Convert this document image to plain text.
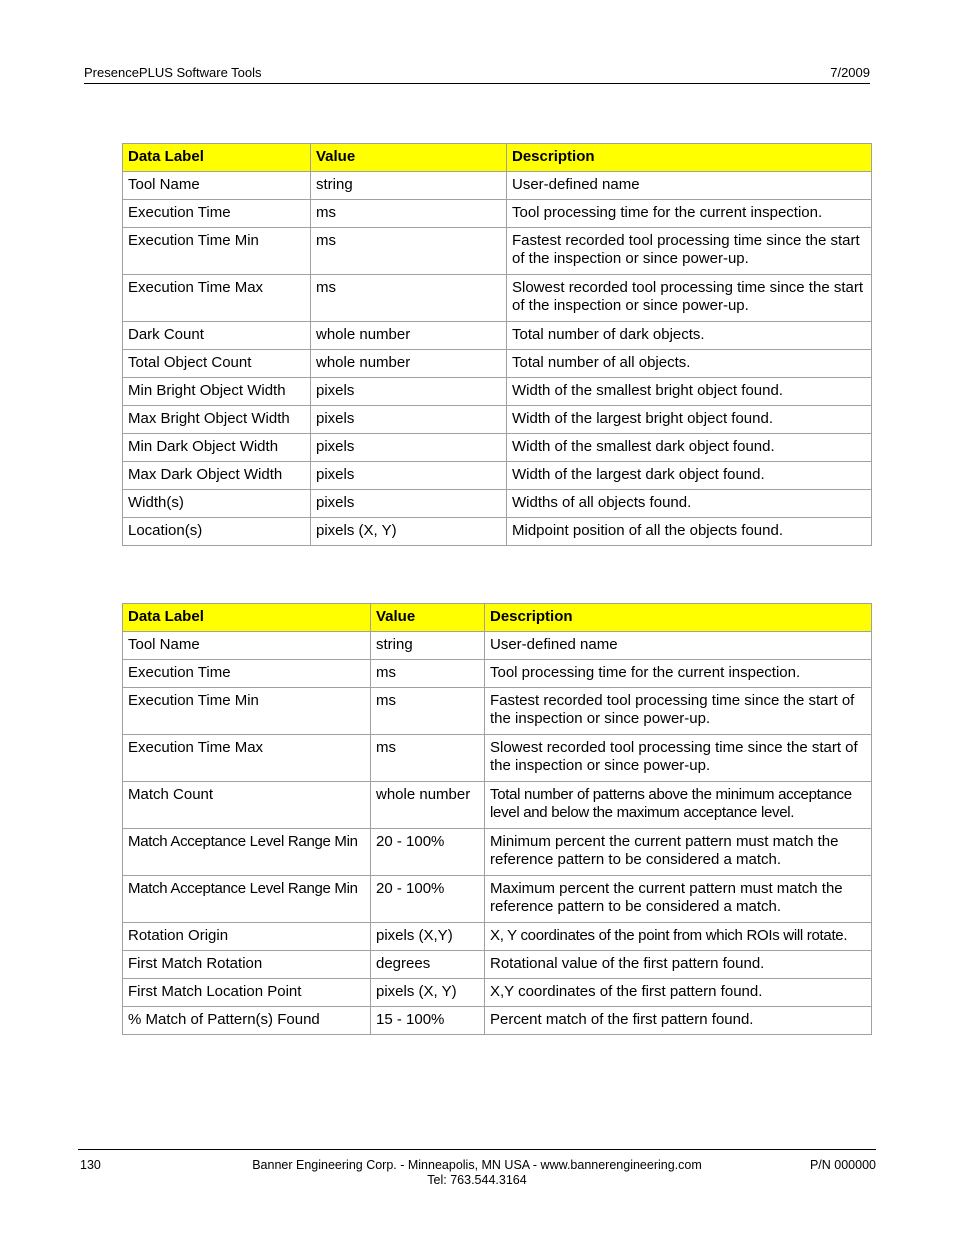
PresencePLUS Software Tools	7/2009
Data Label	Value	Description
Tool Name	string	User-defined name
Execution Time	ms	Tool processing time for the current inspection.
Execution Time Min	ms	Fastest recorded tool processing time since the start of the inspection or since power-up.
Execution Time Max	ms	Slowest recorded tool processing time since the start of the inspection or since power-up.
Dark Count	whole number	Total number of dark objects.
Total Object Count	whole number	Total number of all objects.
Min Bright Object Width	pixels	Width of the smallest bright object found.
Max Bright Object Width	pixels	Width of the largest bright object found.
Min Dark Object Width	pixels	Width of the smallest dark object found.
Max Dark Object Width	pixels	Width of the largest dark object found.
Width(s)	pixels	Widths of all objects found.
Location(s)	pixels (X, Y)	Midpoint position of all the objects found.
Data Label	Value	Description
Tool Name	string	User-defined name
Execution Time	ms	Tool processing time for the current inspection.
Execution Time Min	ms	Fastest recorded tool processing time since the start of the inspection or since power-up.
Execution Time Max	ms	Slowest recorded tool processing time since the start of the inspection or since power-up.
Match Count	whole number	Total number of patterns above the minimum acceptance level and below the maximum acceptance level.
Match Acceptance Level Range Min	20 - 100%	Minimum percent the current pattern must match the reference pattern to be considered a match.
Match Acceptance Level Range Min	20 - 100%	Maximum percent the current pattern must match the reference pattern to be considered a match.
Rotation Origin	pixels (X,Y)	X, Y coordinates of the point from which ROIs will rotate.
First Match Rotation	degrees	Rotational value of the first pattern found.
First Match Location Point	pixels (X, Y)	X,Y coordinates of the first pattern found.
% Match of Pattern(s) Found	15 - 100%	Percent match of the first pattern found.
130	Banner Engineering Corp. - Minneapolis, MN USA - www.bannerengineering.com
Tel: 763.544.3164
P/N 000000
